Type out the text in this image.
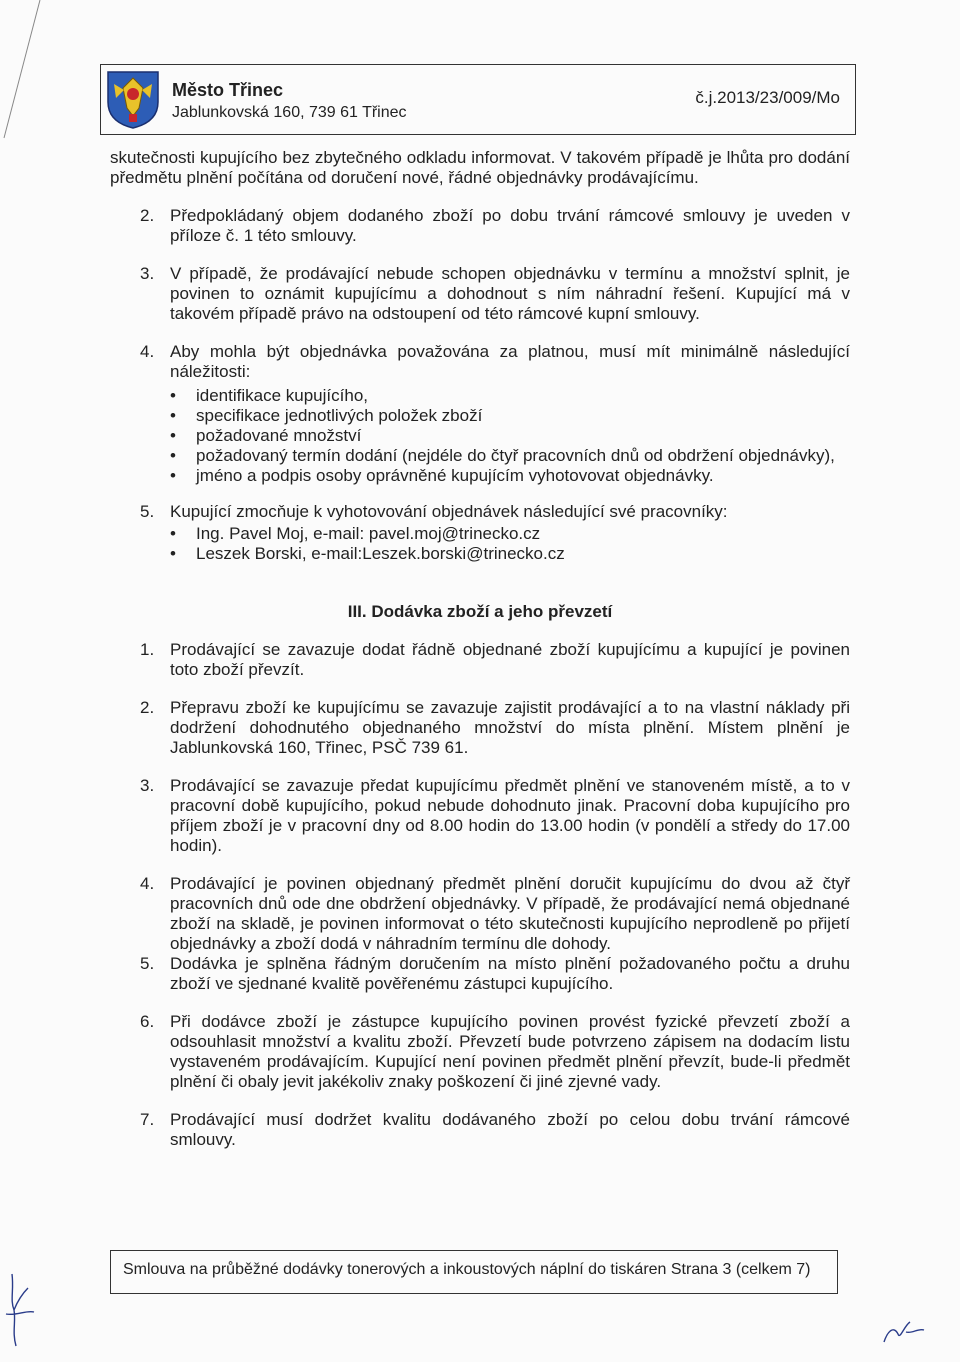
Město Třinec
Jablunkovská 160, 739 61 Třinec
č.j.2013/23/009/Mo

skutečnosti kupujícího bez zbytečného odkladu informovat. V takovém případě je lhůta pro dodání předmětu plnění počítána od doručení nové, řádné objednávky prodávajícímu.

2. Předpokládaný objem dodaného zboží po dobu trvání rámcové smlouvy je uveden v příloze č. 1 této smlouvy.

3. V případě, že prodávající nebude schopen objednávku v termínu a množství splnit, je povinen to oznámit kupujícímu a dohodnout s ním náhradní řešení. Kupující má v takovém případě právo na odstoupení od této rámcové kupní smlouvy.

4. Aby mohla být objednávka považována za platnou, musí mít minimálně následující náležitosti:
• identifikace kupujícího,
• specifikace jednotlivých položek zboží
• požadované množství
• požadovaný termín dodání (nejdéle do čtyř pracovních dnů od obdržení objednávky),
• jméno a podpis osoby oprávněné kupujícím vyhotovovat objednávky.
5. Kupující zmocňuje k vyhotovování objednávek následující své pracovníky:
• Ing. Pavel Moj, e-mail: pavel.moj@trinecko.cz
• Leszek Borski, e-mail:Leszek.borski@trinecko.cz

III. Dodávka zboží a jeho převzetí

1. Prodávající se zavazuje dodat řádně objednané zboží kupujícímu a kupující je povinen toto zboží převzít.

2. Přepravu zboží ke kupujícímu se zavazuje zajistit prodávající a to na vlastní náklady při dodržení dohodnutého objednaného množství do místa plnění. Místem plnění je Jablunkovská 160, Třinec, PSČ 739 61.

3. Prodávající se zavazuje předat kupujícímu předmět plnění ve stanoveném místě, a to v pracovní době kupujícího, pokud nebude dohodnuto jinak. Pracovní doba kupujícího pro příjem zboží je v pracovní dny od 8.00 hodin do 13.00 hodin (v pondělí a středy do 17.00 hodin).

4. Prodávající je povinen objednaný předmět plnění doručit kupujícímu do dvou až čtyř pracovních dnů ode dne obdržení objednávky. V případě, že prodávající nemá objednané zboží na skladě, je povinen informovat o této skutečnosti kupujícího neprodleně po přijetí objednávky a zboží dodá v náhradním termínu dle dohody.

5. Dodávka je splněna řádným doručením na místo plnění požadovaného počtu a druhu zboží ve sjednané kvalitě pověřenému zástupci kupujícího.

6. Při dodávce zboží je zástupce kupujícího povinen provést fyzické převzetí zboží a odsouhlasit množství a kvalitu zboží. Převzetí bude potvrzeno zápisem na dodacím listu vystaveném prodávajícím. Kupující není povinen předmět plnění převzít, bude-li předmět plnění či obaly jevit jakékoliv znaky poškození či jiné zjevné vady.

7. Prodávající musí dodržet kvalitu dodávaného zboží po celou dobu trvání rámcové smlouvy.

Smlouva na průběžné dodávky tonerových a inkoustových náplní do tiskáren Strana 3 (celkem 7)
